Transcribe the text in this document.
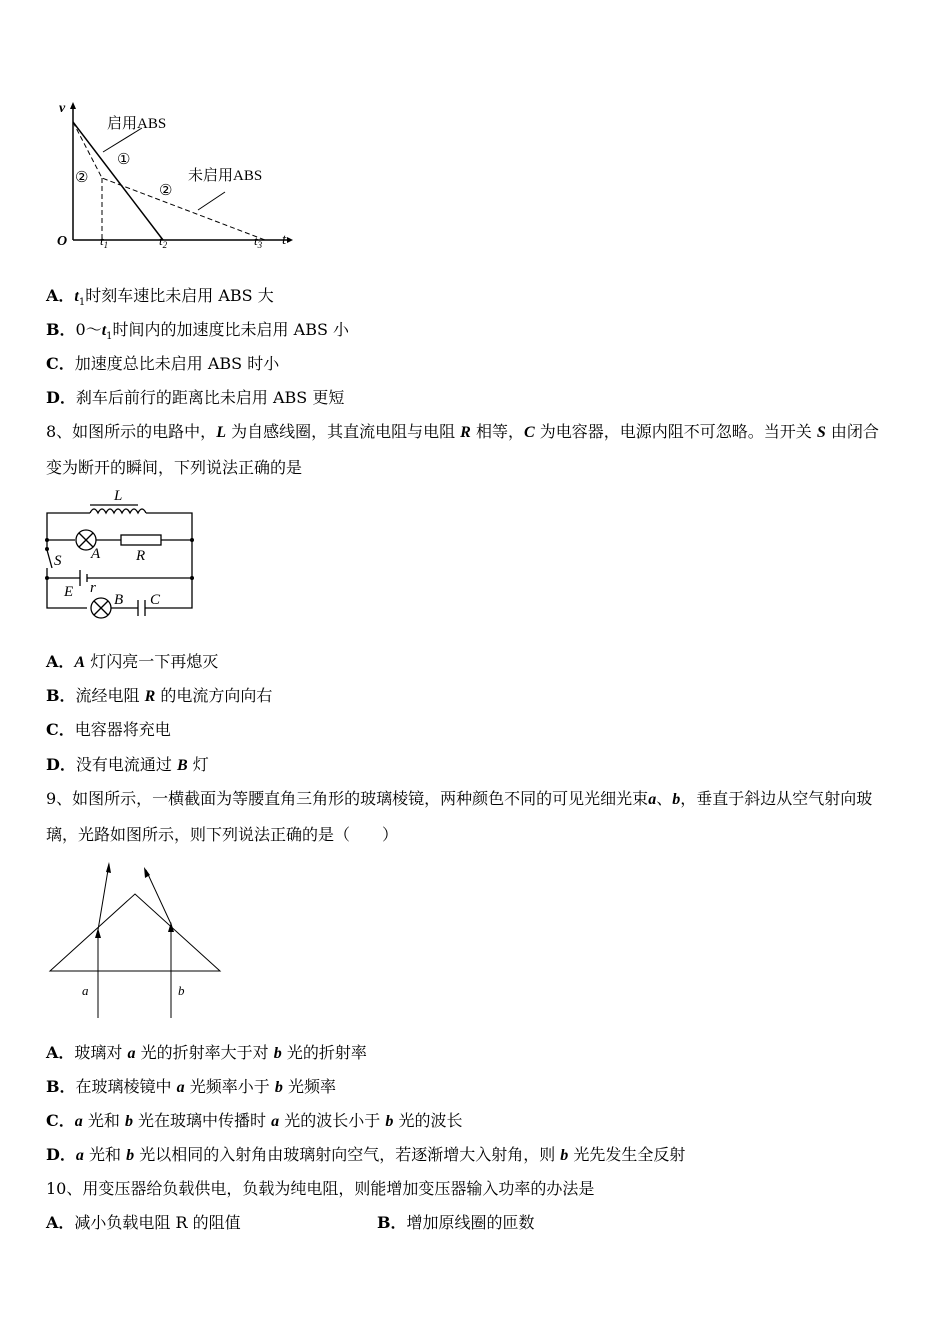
v
O	t
$t_1$	$t_2$	$t_3$
启用ABS
未启用ABS
①
②
②
A．$t_1$时刻车速比未启用 ABS 大
B．$0\sim t_1$时间内的加速度比未启用 ABS 小
C．加速度总比未启用 ABS 时小
D．刹车后前行的距离比未启用 ABS 更短
8、如图所示的电路中，L 为自感线圈，其直流电阻与电阻 R 相等，C 为电容器，电源内阻不可忽略。当开关 S 由闭合
变为断开的瞬间，下列说法正确的是
L
A R
S
E r
B C
A．A 灯闪亮一下再熄灭
B．流经电阻 R 的电流方向向右
C．电容器将充电
D．没有电流通过 B 灯
9、如图所示，一横截面为等腰直角三角形的玻璃棱镜，两种颜色不同的可见光细光束a、b，垂直于斜边从空气射向玻
璃，光路如图所示，则下列说法正确的是（　　）
a	b
A．玻璃对 a 光的折射率大于对 b 光的折射率
B．在玻璃棱镜中 a 光频率小于 b 光频率
C．a 光和 b 光在玻璃中传播时 a 光的波长小于 b 光的波长
D．a 光和 b 光以相同的入射角由玻璃射向空气，若逐渐增大入射角，则 b 光先发生全反射
10、用变压器给负载供电，负载为纯电阻，则能增加变压器输入功率的办法是
A．减小负载电阻 R 的阻值	B．增加原线圈的匝数
